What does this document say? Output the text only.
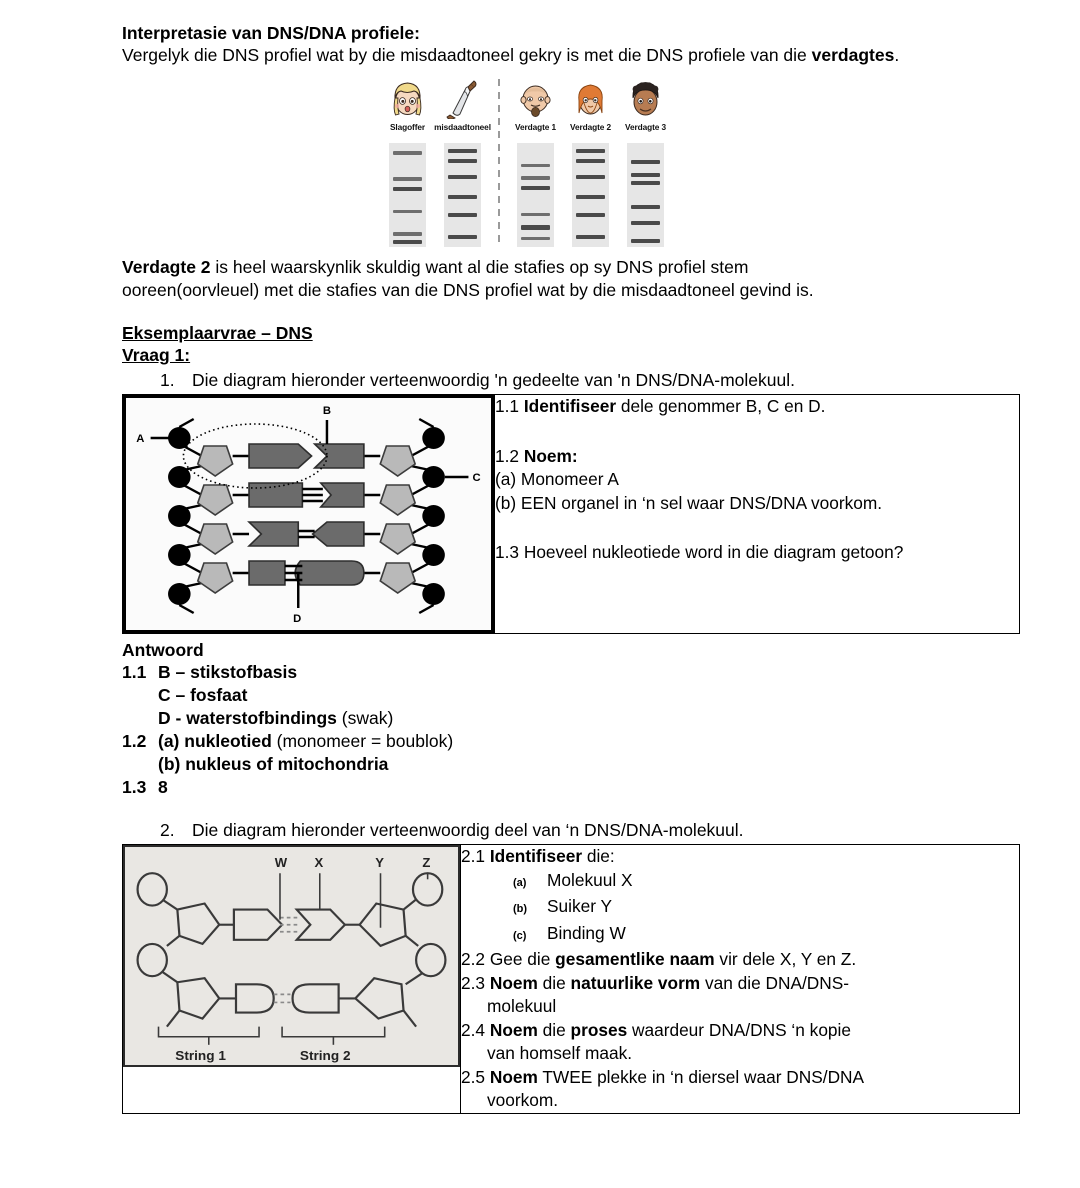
Interpretasie van DNS/DNA profiele:
Vergelyk die DNS profiel wat by die misdaadtoneel gekry is met die DNS profiele van die verdagtes.
Slagoffer misdaadtoneel	Verdagte 1 Verdagte 2 Verdagte 3
Verdagte 2 is heel waarskynlik skuldig want al die stafies op sy DNS profiel stem
ooreen(oorvleuel) met die stafies van die DNS profiel wat by die misdaadtoneel gevind is.
Eksemplaarvrae – DNS
Vraag 1:
1. Die diagram hieronder verteenwoordig 'n gedeelte van 'n DNS/DNA-molekuul.
A
B
C
D

1.1 Identifiseer dele genommer B, C en D.
1.2 Noem:
(a) Monomeer A
(b) EEN organel in ‘n sel waar DNS/DNA voorkom.
1.3 Hoeveel nukleotiede word in die diagram getoon?
Antwoord
1.1 B – stikstofbasis
C – fosfaat
D - waterstofbindings (swak)
1.2 (a) nukleotied (monomeer = boublok)
(b) nukleus of mitochondria
1.3 8
2. Die diagram hieronder verteenwoordig deel van ‘n DNS/DNA-molekuul.
W X	Y	Z
String 1	String 2

2.1 Identifiseer die:
(a) Molekuul X
(b) Suiker Y
(c) Binding W
2.2 Gee die gesamentlike naam vir dele X, Y en Z.
2.3 Noem die natuurlike vorm van die DNA/DNS-
molekuul
2.4 Noem die proses waardeur DNA/DNS ‘n kopie
van homself maak.
2.5 Noem TWEE plekke in ‘n diersel waar DNS/DNA
voorkom.
